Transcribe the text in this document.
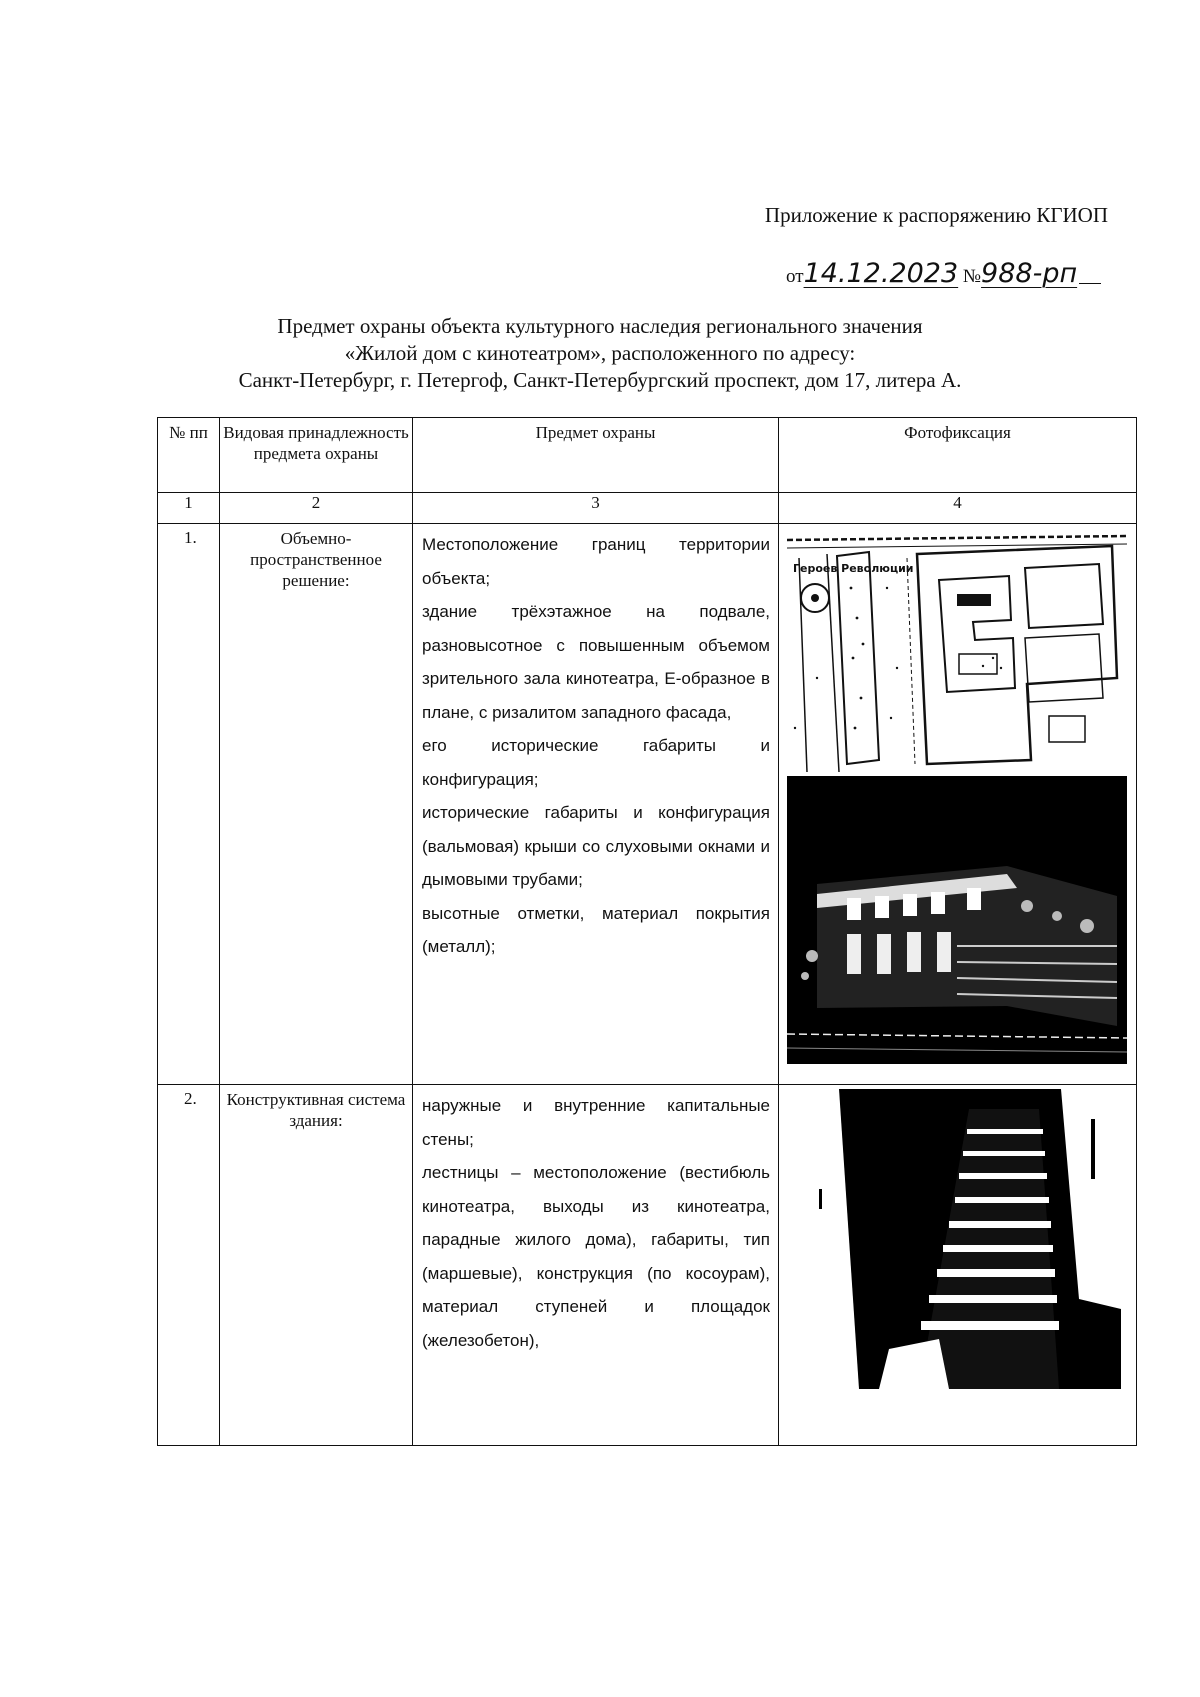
Приложение к распоряжению КГИОП
от14.12.2023 №988-рп
Предмет охраны объекта культурного наследия регионального значения
«Жилой дом с кинотеатром», расположенного по адресу:
Санкт-Петербург, г. Петергоф, Санкт-Петербургский проспект, дом 17, литера А.
№ пп	Видовая принадлежность предмета охраны	Предмет охраны	Фотофиксация
1	2	3	4
1.	Объемно-пространственное решение:	Местоположение границ территории объекта;

здание трёхэтажное на подвале, разновысотное с повышенным объемом зрительного зала кинотеатра, Е-образное в плане, с ризалитом западного фасада,

его исторические габариты и конфигурация;

исторические габариты и конфигурация (вальмовая) крыши со слуховыми окнами и дымовыми трубами;

высотные отметки, материал покрытия (металл);	Героев Революции

2.	Конструктивная система здания:	наружные и внутренние капитальные стены;

лестницы – местоположение (вестибюль кинотеатра, выходы из кинотеатра, парадные жилого дома), габариты, тип (маршевые), конструкция (по косоурам), материал ступеней и площадок (железобетон),
